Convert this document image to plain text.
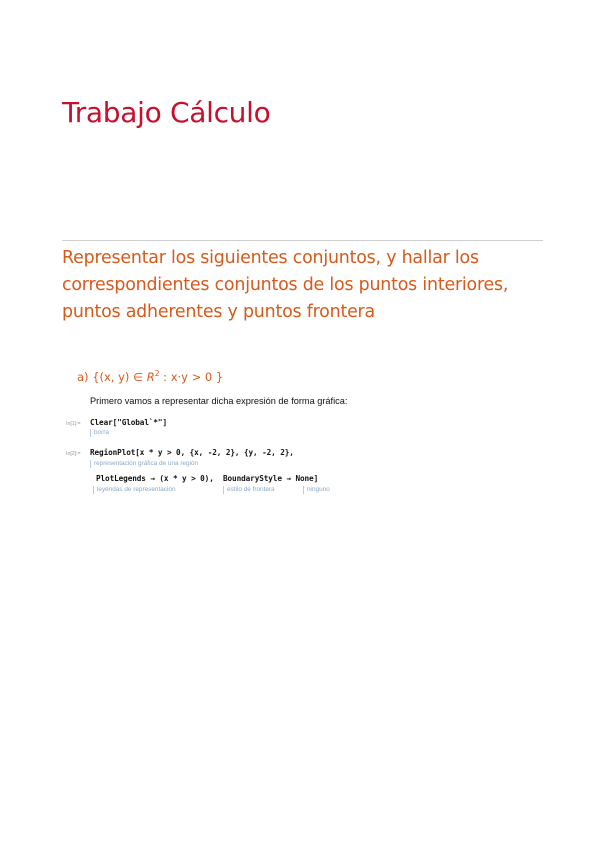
Trabajo Cálculo
Representar los siguientes conjuntos, y hallar los
correspondientes conjuntos de los puntos interiores,
puntos adherentes y puntos frontera
a) {(x, y) ∈ $R^2$ : x·y > 0 }
Primero vamos a representar dicha expresión de forma gráfica:
In[1]:= Clear["Global`*"]
borra
In[2]:= RegionPlot[x * y > 0, {x, -2, 2}, {y, -2, 2},
representación gráfica de una región
PlotLegends → (x * y > 0), BoundaryStyle → None]
leyendas de representación	estilo de frontera	ninguno
